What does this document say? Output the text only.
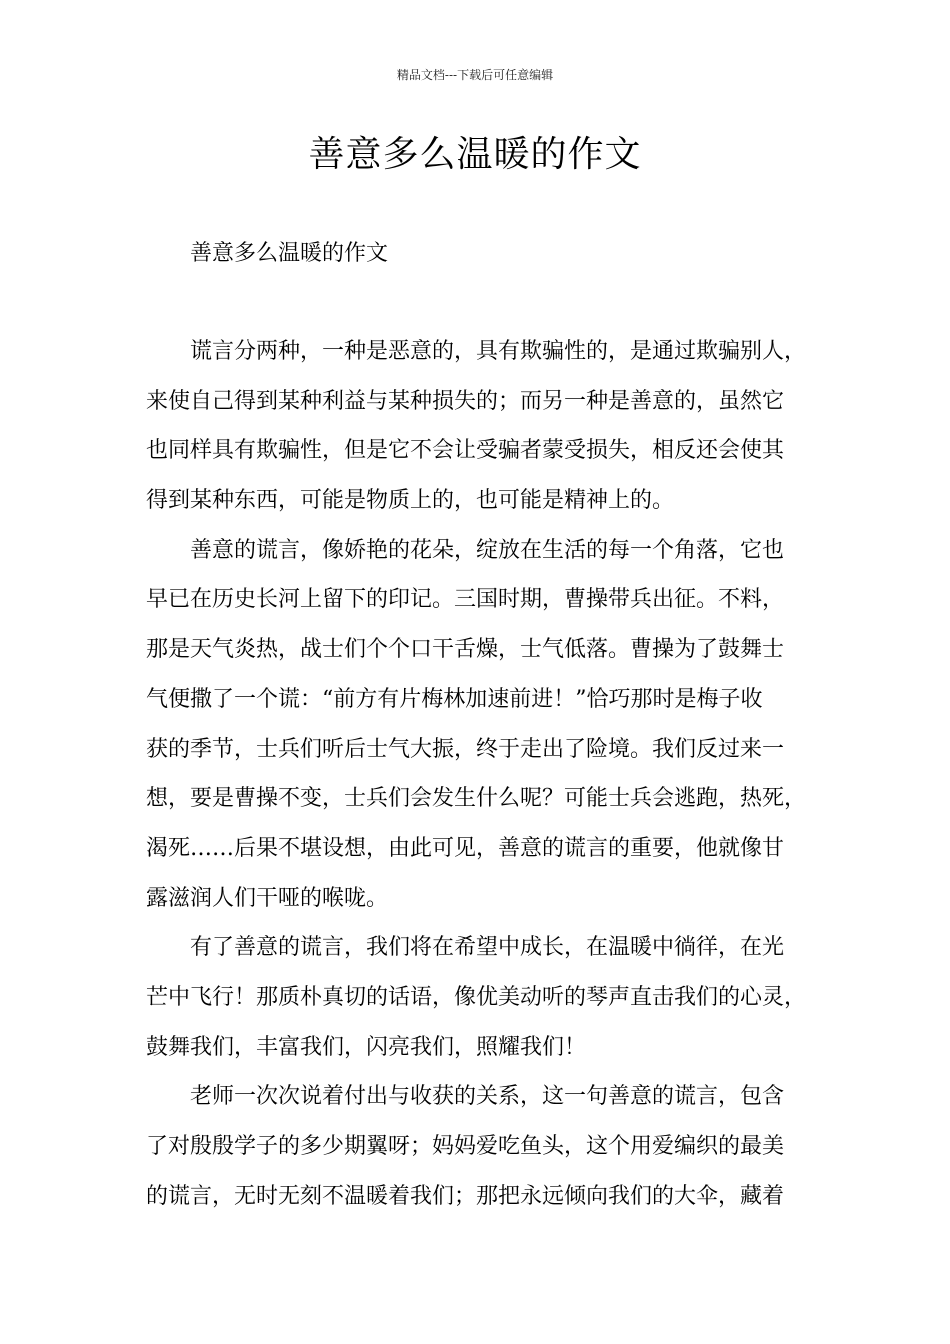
精品文档---下载后可任意编辑
善意多么温暖的作文
善意多么温暖的作文
谎言分两种，一种是恶意的，具有欺骗性的，是通过欺骗别人，
来使自己得到某种利益与某种损失的；而另一种是善意的，虽然它
也同样具有欺骗性，但是它不会让受骗者蒙受损失，相反还会使其
得到某种东西，可能是物质上的，也可能是精神上的。
善意的谎言，像娇艳的花朵，绽放在生活的每一个角落，它也
早已在历史长河上留下的印记。三国时期，曹操带兵出征。不料，
那是天气炎热，战士们个个口干舌燥，士气低落。曹操为了鼓舞士
气便撒了一个谎：“前方有片梅林加速前进！”恰巧那时是梅子收
获的季节，士兵们听后士气大振，终于走出了险境。我们反过来一
想，要是曹操不变，士兵们会发生什么呢？可能士兵会逃跑，热死，
渴死……后果不堪设想，由此可见，善意的谎言的重要，他就像甘
露滋润人们干哑的喉咙。
有了善意的谎言，我们将在希望中成长，在温暖中徜徉，在光
芒中飞行！那质朴真切的话语，像优美动听的琴声直击我们的心灵，
鼓舞我们，丰富我们，闪亮我们，照耀我们！
老师一次次说着付出与收获的关系，这一句善意的谎言，包含
了对殷殷学子的多少期翼呀；妈妈爱吃鱼头，这个用爱编织的最美
的谎言，无时无刻不温暖着我们；那把永远倾向我们的大伞，藏着
